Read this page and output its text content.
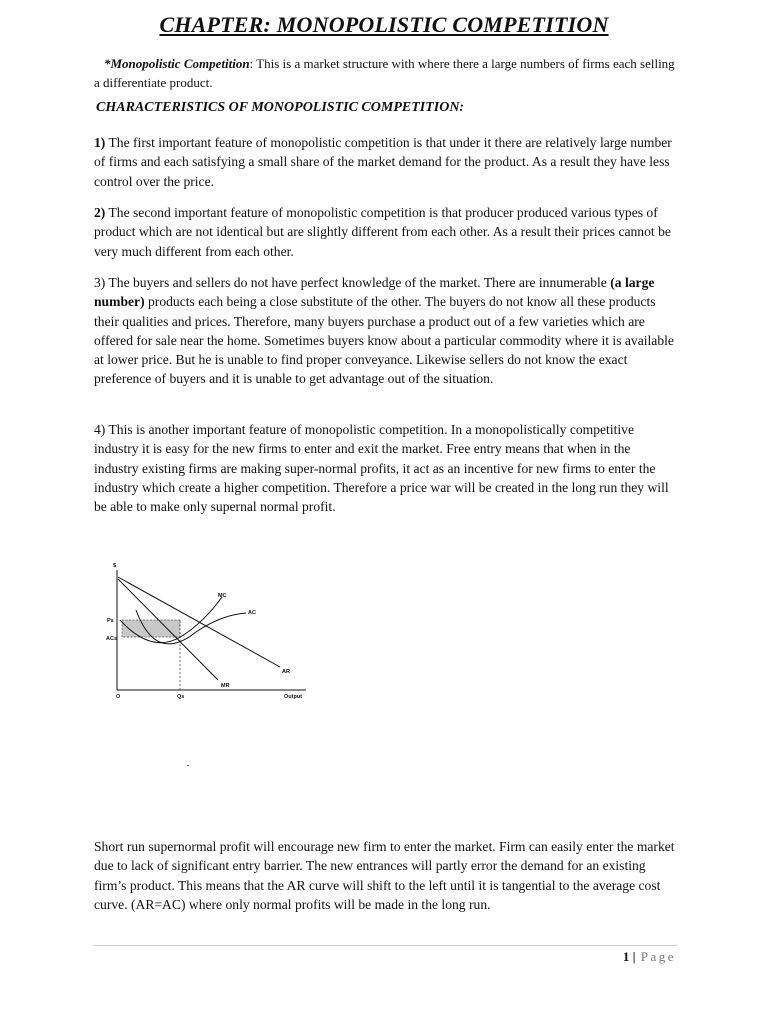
CHAPTER: MONOPOLISTIC COMPETITION
*Monopolistic Competition: This is a market structure with where there a large numbers of firms each selling a differentiate product.
CHARACTERISTICS OF MONOPOLISTIC COMPETITION:
1) The first important feature of monopolistic competition is that under it there are relatively large number of firms and each satisfying a small share of the market demand for the product. As a result they have less control over the price.
2) The second important feature of monopolistic competition is that producer produced various types of product which are not identical but are slightly different from each other. As a result their prices cannot be very much different from each other.
3) The buyers and sellers do not have perfect knowledge of the market. There are innumerable (a large number) products each being a close substitute of the other. The buyers do not know all these products their qualities and prices. Therefore, many buyers purchase a product out of a few varieties which are offered for sale near the home. Sometimes buyers know about a particular commodity where it is available at lower price. But he is unable to find proper conveyance. Likewise sellers do not know the exact preference of buyers and it is unable to get advantage out of the situation.
4) This is another important feature of monopolistic competition. In a monopolistically competitive industry it is easy for the new firms to enter and exit the market. Free entry means that when in the industry existing firms are making super-normal profits, it act as an incentive for new firms to enter the industry which create a higher competition. Therefore a price war will be created in the long run they will be able to make only supernal normal profit.
$
Output
O
MC
AC
AR
MR
Ps
ACs
Qs
Short run supernormal profit will encourage new firm to enter the market. Firm can easily enter the market due to lack of significant entry barrier. The new entrances will partly error the demand for an existing firm’s product. This means that the AR curve will shift to the left until it is tangential to the average cost curve. (AR=AC) where only normal profits will be made in the long run.
1 | Page
